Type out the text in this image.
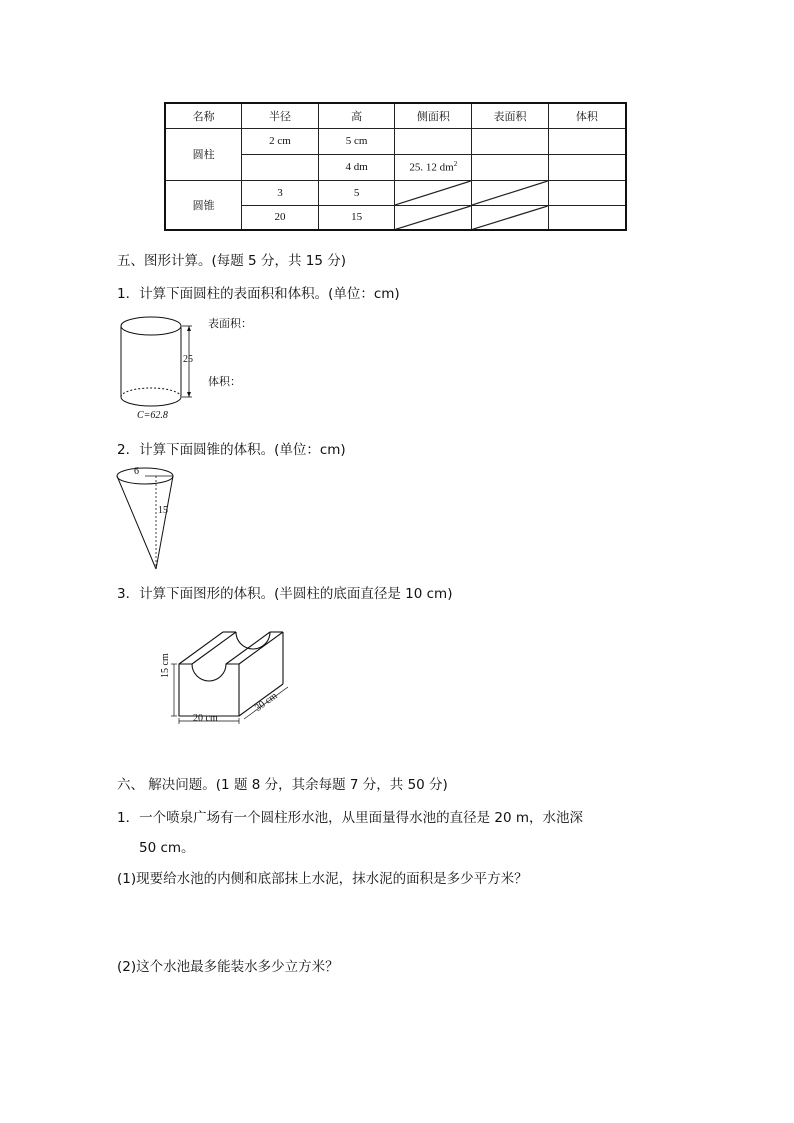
名称	半径	高	侧面积	表面积	体积
圆柱	2 cm	5 cm			
		4 dm	25. 12 $dm^2$		
圆锥	3	5	

	20	15	

五、图形计算。(每题 5 分，共 15 分)
1．计算下面圆柱的表面积和体积。(单位：cm)
25
C=62.8
表面积：
体积：
2．计算下面圆锥的体积。(单位：cm)
6
15
3．计算下面图形的体积。(半圆柱的底面直径是 10 cm)
15 cm
20 cm
30 cm
六、 解决问题。(1 题 8 分，其余每题 7 分，共 50 分)
1．一个喷泉广场有一个圆柱形水池，从里面量得水池的直径是 20 m，水池深
50 cm。
(1)现要给水池的内侧和底部抹上水泥，抹水泥的面积是多少平方米？
(2)这个水池最多能装水多少立方米？
